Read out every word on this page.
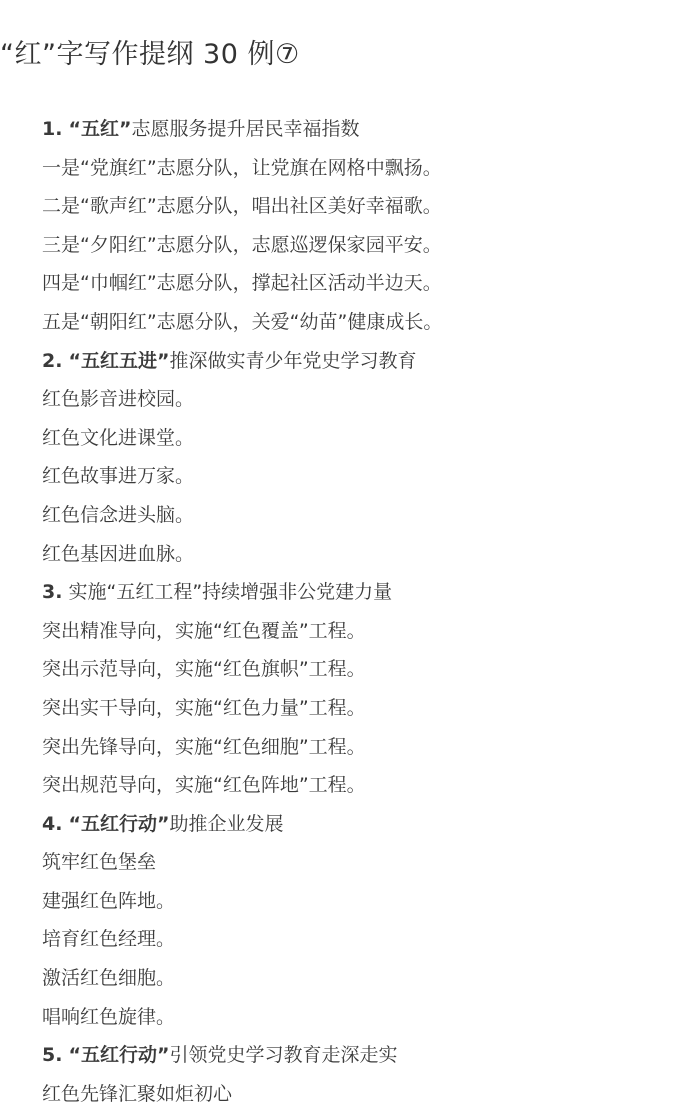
“红”字写作提纲 30 例⑦
1. “五红”志愿服务提升居民幸福指数
一是“党旗红”志愿分队，让党旗在网格中飘扬。
二是“歌声红”志愿分队，唱出社区美好幸福歌。
三是“夕阳红”志愿分队，志愿巡逻保家园平安。
四是“巾帼红”志愿分队，撑起社区活动半边天。
五是“朝阳红”志愿分队，关爱“幼苗”健康成长。
2. “五红五进”推深做实青少年党史学习教育
红色影音进校园。
红色文化进课堂。
红色故事进万家。
红色信念进头脑。
红色基因进血脉。
3. 实施“五红工程”持续增强非公党建力量
突出精准导向，实施“红色覆盖”工程。
突出示范导向，实施“红色旗帜”工程。
突出实干导向，实施“红色力量”工程。
突出先锋导向，实施“红色细胞”工程。
突出规范导向，实施“红色阵地”工程。
4. “五红行动”助推企业发展
筑牢红色堡垒
建强红色阵地。
培育红色经理。
激活红色细胞。
唱响红色旋律。
5. “五红行动”引领党史学习教育走深走实
红色先锋汇聚如炬初心
